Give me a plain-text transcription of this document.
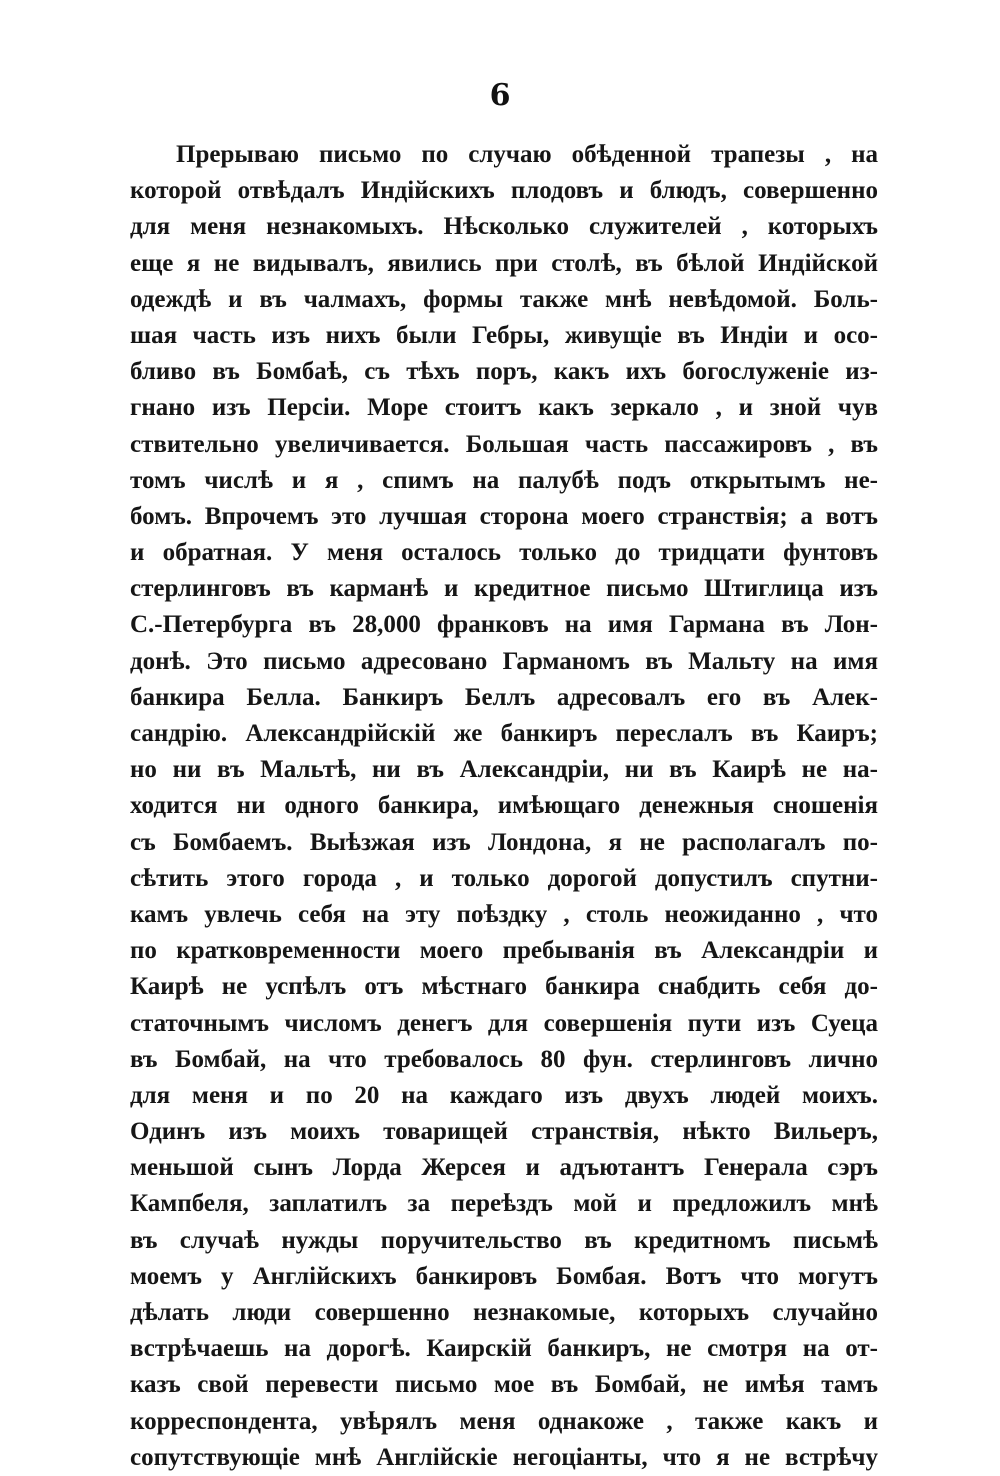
6
Прерываю письмо по случаю обѣденной трапезы , на
которой отвѣдалъ Индiйскихъ плодовъ и блюдъ, совершенно
для меня незнакомыхъ. Нѣсколько служителей , которыхъ
еще я не видывалъ, явились при столѣ, въ бѣлой Индiйской
одеждѣ и въ чалмахъ, формы также мнѣ невѣдомой. Боль-
шая часть изъ нихъ были Гебры, живущiе въ Индiи и осо-
бливо въ Бомбаѣ, съ тѣхъ поръ, какъ ихъ богослуженiе из-
гнано изъ Персiи. Море стоитъ какъ зеркало , и зной чув
ствительно увеличивается. Большая часть пассажировъ , въ
томъ числѣ и я , спимъ на палубѣ подъ открытымъ не-
бомъ. Впрочемъ это лучшая сторона моего странствiя; а вотъ
и обратная. У меня осталось только до тридцати фунтовъ
стерлинговъ въ карманѣ и кредитное письмо Штиглица изъ
С.-Петербурга въ 28,000 франковъ на имя Гармана въ Лон-
донѣ. Это письмо адресовано Гарманомъ въ Мальту на имя
банкира Белла. Банкиръ Беллъ адресовалъ его въ Алек-
сандрiю. Александрiйскiй же банкиръ переслалъ въ Каиръ;
но ни въ Мальтѣ, ни въ Александрiи, ни въ Каирѣ не на-
ходится ни одного банкира, имѣющаго денежныя сношенiя
съ Бомбаемъ. Выѣзжая изъ Лондона, я не располагалъ по-
сѣтить этого города , и только дорогой допустилъ спутни-
камъ увлечь себя на эту поѣздку , столь неожиданно , что
по кратковременности моего пребыванiя въ Александрiи и
Каирѣ не успѣлъ отъ мѣстнаго банкира снабдить себя до-
статочнымъ числомъ денегъ для совершенiя пути изъ Суеца
въ Бомбай, на что требовалось 80 фун. стерлинговъ лично
для меня и по 20 на каждаго изъ двухъ людей моихъ.
Одинъ изъ моихъ товарищей странствiя, нѣкто Вильеръ,
меньшой сынъ Лорда Жерсея и адъютантъ Генерала сэръ
Кампбеля, заплатилъ за переѣздъ мой и предложилъ мнѣ
въ случаѣ нужды поручительство въ кредитномъ письмѣ
моемъ у Англiйскихъ банкировъ Бомбая. Вотъ что могутъ
дѣлать люди совершенно незнакомые, которыхъ случайно
встрѣчаешь на дорогѣ. Каирскiй банкиръ, не смотря на от-
казъ свой перевести письмо мое въ Бомбай, не имѣя тамъ
корреспондента, увѣрялъ меня однакоже , также какъ и
сопутствующiе мнѣ Англiйскiе негоцiанты, что я не встрѣчу
